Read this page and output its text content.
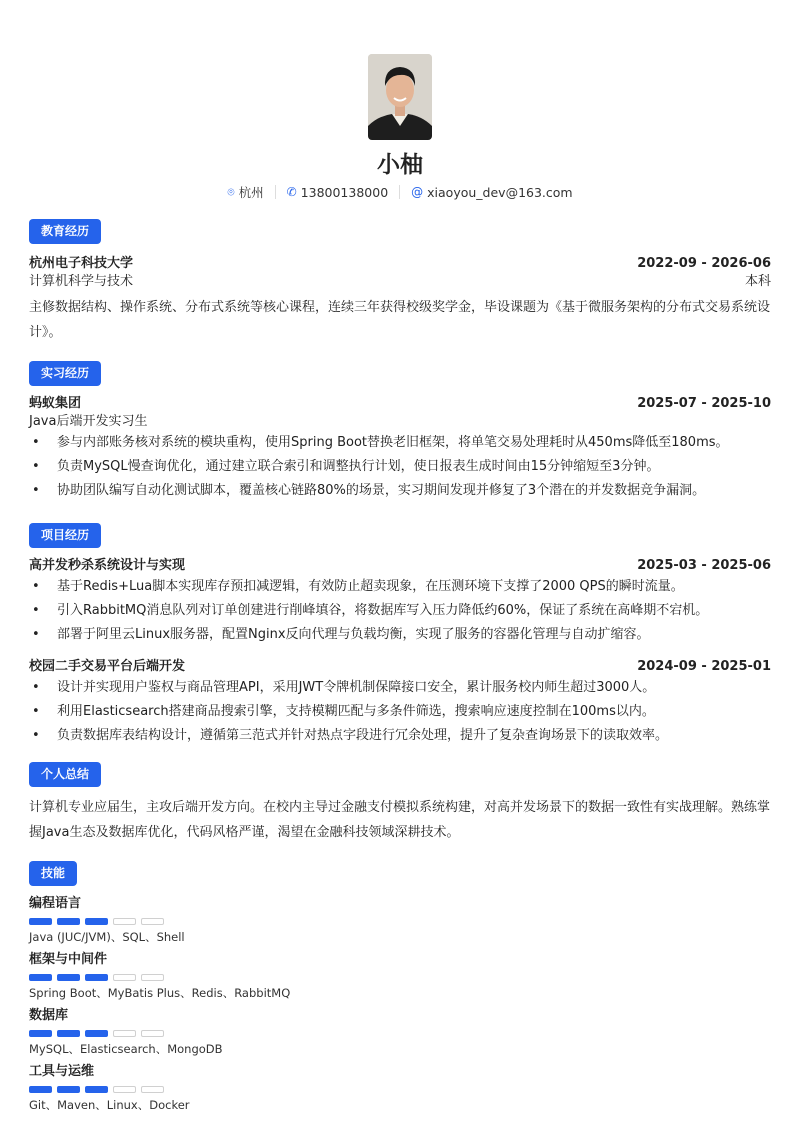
小柚
⌾ 杭州 ✆ 13800138000 @ xiaoyou_dev@163.com
教育经历
杭州电子科技大学	2022-09 - 2026-06
计算机科学与技术	本科
主修数据结构、操作系统、分布式系统等核心课程，连续三年获得校级奖学金，毕设课题为《基于微服务架构的分布式交易系统设计》。
实习经历
蚂蚁集团	2025-07 - 2025-10
Java后端开发实习生
• 参与内部账务核对系统的模块重构，使用Spring Boot替换老旧框架，将单笔交易处理耗时从450ms降低至180ms。
• 负责MySQL慢查询优化，通过建立联合索引和调整执行计划，使日报表生成时间由15分钟缩短至3分钟。
• 协助团队编写自动化测试脚本，覆盖核心链路80%的场景，实习期间发现并修复了3个潜在的并发数据竞争漏洞。
项目经历
高并发秒杀系统设计与实现	2025-03 - 2025-06
• 基于Redis+Lua脚本实现库存预扣减逻辑，有效防止超卖现象，在压测环境下支撑了2000 QPS的瞬时流量。
• 引入RabbitMQ消息队列对订单创建进行削峰填谷，将数据库写入压力降低约60%，保证了系统在高峰期不宕机。
• 部署于阿里云Linux服务器，配置Nginx反向代理与负载均衡，实现了服务的容器化管理与自动扩缩容。
校园二手交易平台后端开发	2024-09 - 2025-01
• 设计并实现用户鉴权与商品管理API，采用JWT令牌机制保障接口安全，累计服务校内师生超过3000人。
• 利用Elasticsearch搭建商品搜索引擎，支持模糊匹配与多条件筛选，搜索响应速度控制在100ms以内。
• 负责数据库表结构设计，遵循第三范式并针对热点字段进行冗余处理，提升了复杂查询场景下的读取效率。
个人总结
计算机专业应届生，主攻后端开发方向。在校内主导过金融支付模拟系统构建，对高并发场景下的数据一致性有实战理解。熟练掌握Java生态及数据库优化，代码风格严谨，渴望在金融科技领域深耕技术。
技能
编程语言
Java (JUC/JVM)、SQL、Shell
框架与中间件
Spring Boot、MyBatis Plus、Redis、RabbitMQ
数据库
MySQL、Elasticsearch、MongoDB
工具与运维
Git、Maven、Linux、Docker
